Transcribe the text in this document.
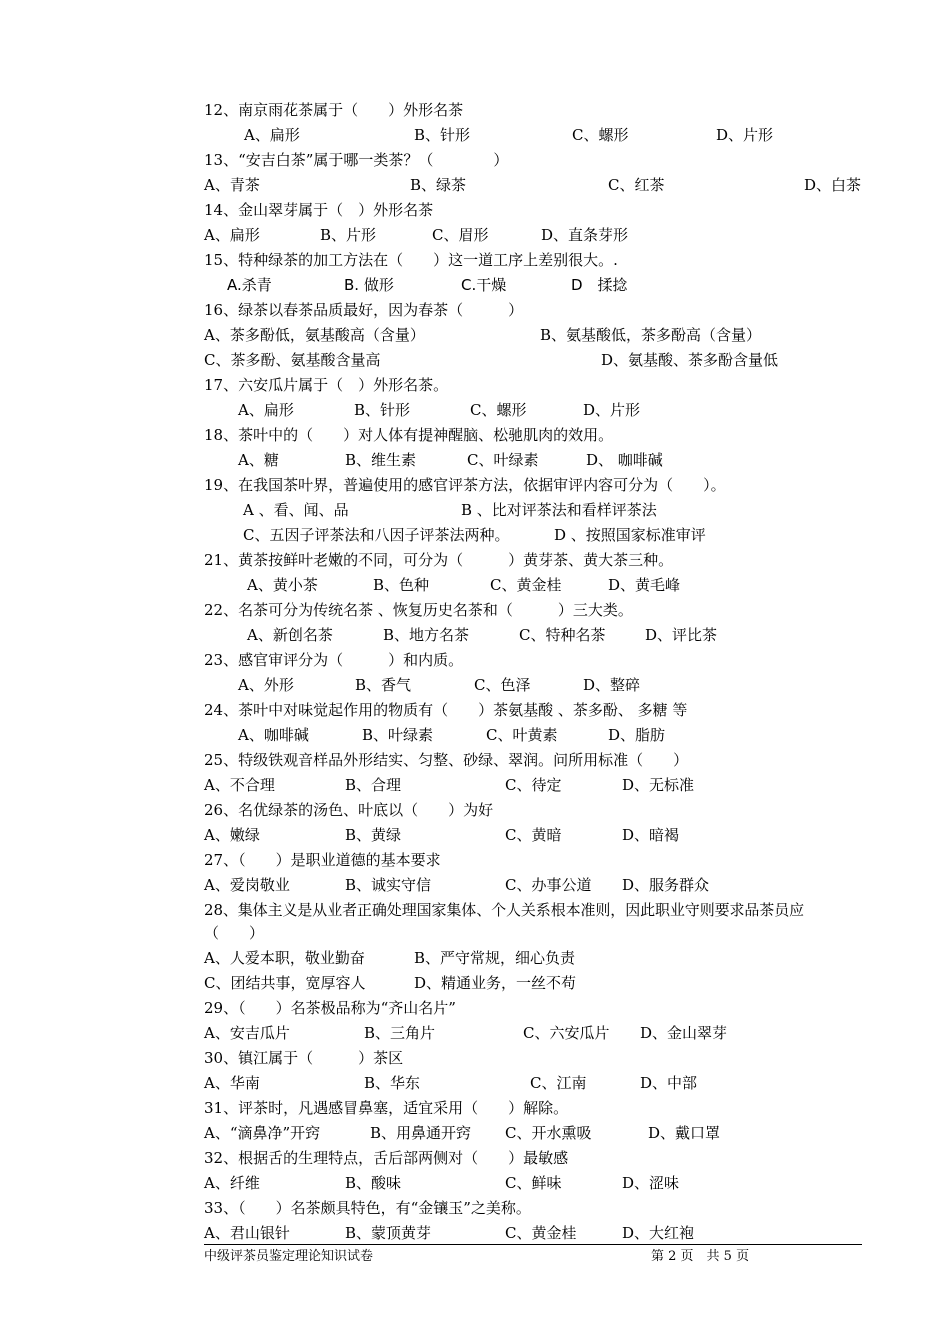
12、南京雨花茶属于（　　）外形名茶
A、扁形	B、针形	C、螺形	D、片形
13、“安吉白茶”属于哪一类茶？（　　　　）
A、青茶	B、绿茶	C、红茶	D、白茶
14、金山翠芽属于（　）外形名茶
A、扁形	B、片形	C、眉形	D、直条芽形
15、特种绿茶的加工方法在（　　）这一道工序上差别很大。.
A.杀青	B. 做形	C.干燥	D　揉捻
16、绿茶以春茶品质最好，因为春茶（　　　）
A、茶多酚低，氨基酸高（含量）	B、氨基酸低，茶多酚高（含量）
C、茶多酚、氨基酸含量高	D、氨基酸、茶多酚含量低
17、六安瓜片属于（　）外形名茶。
A、扁形	B、针形	C、螺形	D、片形
18、茶叶中的（　　）对人体有提神醒脑、松驰肌肉的效用。
A、糖	B、维生素	C、叶绿素	D、 咖啡碱
19、在我国茶叶界，普遍使用的感官评茶方法，依据审评内容可分为（　　）。
A 、看、闻、品	B 、比对评茶法和看样评茶法
C、五因子评茶法和八因子评茶法两种。	D 、按照国家标准审评
21、黄茶按鲜叶老嫩的不同，可分为（　　　）黄芽茶、黄大茶三种。
A、黄小茶	B、色种	C、黄金桂	D、黄毛峰
22、名茶可分为传统名茶 、恢复历史名茶和（　　　）三大类。
A、新创名茶	B、地方名茶	C、特种名茶	D、评比茶
23、感官审评分为（　　　）和内质。
A、外形	B、香气	C、色泽	D、整碎
24、茶叶中对味觉起作用的物质有（　　）茶氨基酸 、茶多酚、 多糖 等
A、咖啡碱	B、叶绿素	C、叶黄素	D、脂肪
25、特级铁观音样品外形结实、匀整、砂绿、翠润。问所用标准（　　）
A、不合理	B、合理	C、待定	D、无标准
26、名优绿茶的汤色、叶底以（　　）为好
A、嫩绿	B、黄绿	C、黄暗	D、暗褐
27、（　　）是职业道德的基本要求
A、爱岗敬业	B、诚实守信	C、办事公道 D、服务群众
28、集体主义是从业者正确处理国家集体、个人关系根本准则，因此职业守则要求品茶员应
（　　）
A、人爱本职，敬业勤奋	B、严守常规，细心负责
C、团结共事，宽厚容人	D、精通业务，一丝不苟
29、（　　）名茶极品称为“齐山名片”
A、安吉瓜片	B、三角片	C、六安瓜片 D、金山翠芽
30、镇江属于（　　　）茶区
A、华南	B、华东	C、江南	D、中部
31、评茶时，凡遇感冒鼻塞，适宜采用（　　）解除。
A、“滴鼻净”开窍	B、用鼻通开窍 C、开水熏吸	D、戴口罩
32、根据舌的生理特点，舌后部两侧对（　　）最敏感
A、纤维	B、酸味	C、鲜味	D、涩味
33、（　　）名茶颇具特色，有“金镶玉”之美称。
A、君山银针	B、蒙顶黄芽	C、黄金桂	D、大红袍
中级评茶员鉴定理论知识试卷	第 2 页　共 5 页
